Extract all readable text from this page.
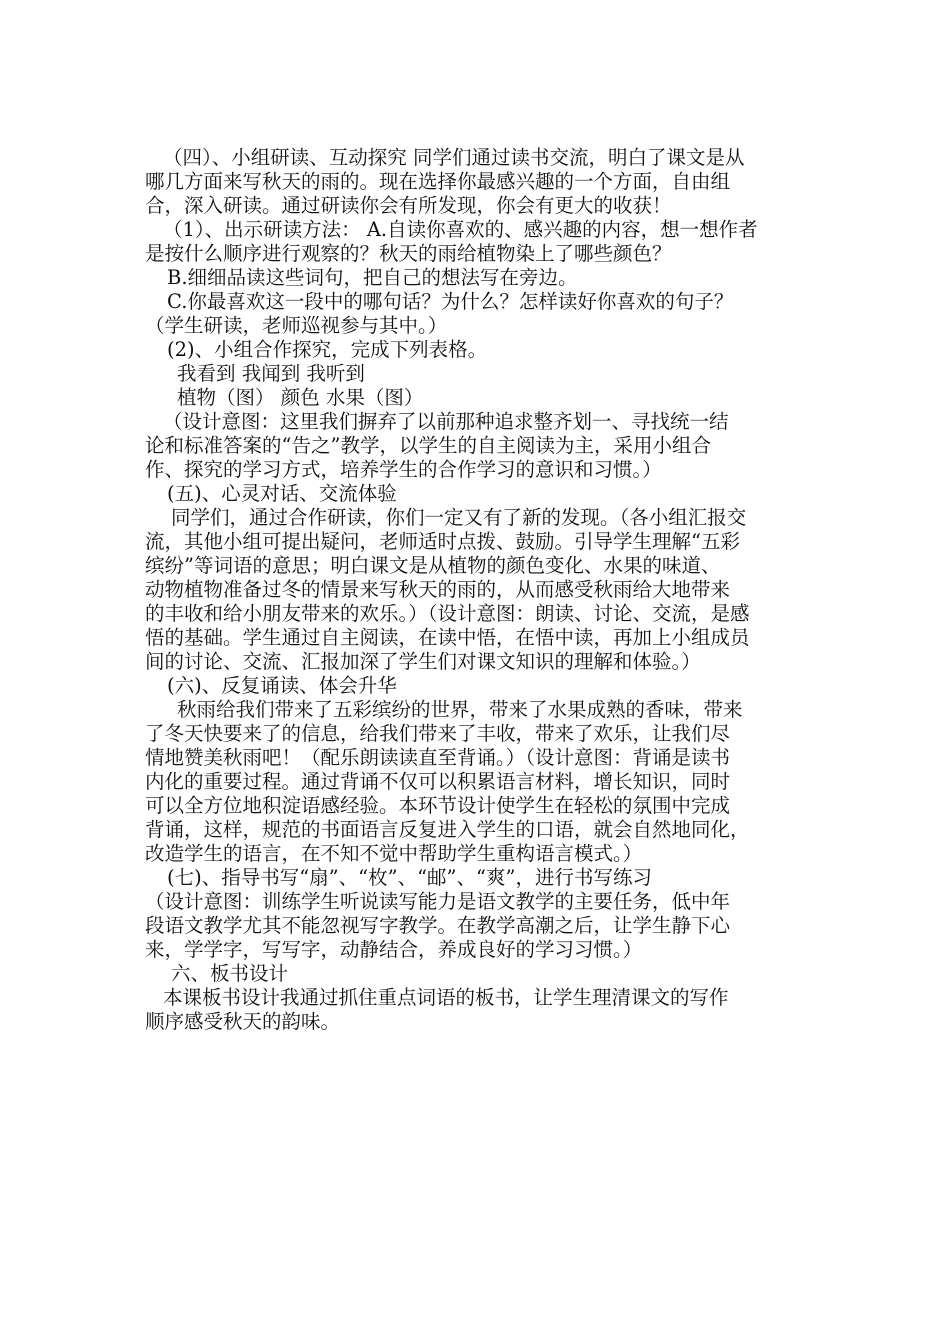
（四）、小组研读、互动探究 同学们通过读书交流，明白了课文是从
哪几方面来写秋天的雨的。现在选择你最感兴趣的一个方面，自由组
合，深入研读。通过研读你会有所发现，你会有更大的收获！
（1）、出示研读方法： A.自读你喜欢的、感兴趣的内容，想一想作者
是按什么顺序进行观察的？秋天的雨给植物染上了哪些颜色？
B.细细品读这些词句，把自己的想法写在旁边。
C.你最喜欢这一段中的哪句话？为什么？怎样读好你喜欢的句子？
（学生研读，老师巡视参与其中。）
(2)、小组合作探究，完成下列表格。
我看到 我闻到 我听到
植物（图） 颜色 水果（图）
（设计意图：这里我们摒弃了以前那种追求整齐划一、寻找统一结
论和标准答案的“告之”教学，以学生的自主阅读为主，采用小组合
作、探究的学习方式，培养学生的合作学习的意识和习惯。）
(五)、心灵对话、交流体验
同学们，通过合作研读，你们一定又有了新的发现。（各小组汇报交
流，其他小组可提出疑问，老师适时点拨、鼓励。引导学生理解“五彩
缤纷”等词语的意思；明白课文是从植物的颜色变化、水果的味道、
动物植物准备过冬的情景来写秋天的雨的，从而感受秋雨给大地带来
的丰收和给小朋友带来的欢乐。）（设计意图：朗读、讨论、交流，是感
悟的基础。学生通过自主阅读，在读中悟，在悟中读，再加上小组成员
间的讨论、交流、汇报加深了学生们对课文知识的理解和体验。）
(六)、反复诵读、体会升华
秋雨给我们带来了五彩缤纷的世界，带来了水果成熟的香味，带来
了冬天快要来了的信息，给我们带来了丰收，带来了欢乐，让我们尽
情地赞美秋雨吧！（配乐朗读读直至背诵。）（设计意图：背诵是读书
内化的重要过程。通过背诵不仅可以积累语言材料，增长知识，同时
可以全方位地积淀语感经验。本环节设计使学生在轻松的氛围中完成
背诵，这样，规范的书面语言反复进入学生的口语，就会自然地同化，
改造学生的语言，在不知不觉中帮助学生重构语言模式。）
(七)、指导书写“扇”、“枚”、“邮”、“爽”，进行书写练习
（设计意图：训练学生听说读写能力是语文教学的主要任务，低中年
段语文教学尤其不能忽视写字教学。在教学高潮之后，让学生静下心
来，学学字，写写字，动静结合，养成良好的学习习惯。）
六、板书设计
本课板书设计我通过抓住重点词语的板书，让学生理清课文的写作
顺序感受秋天的韵味。
